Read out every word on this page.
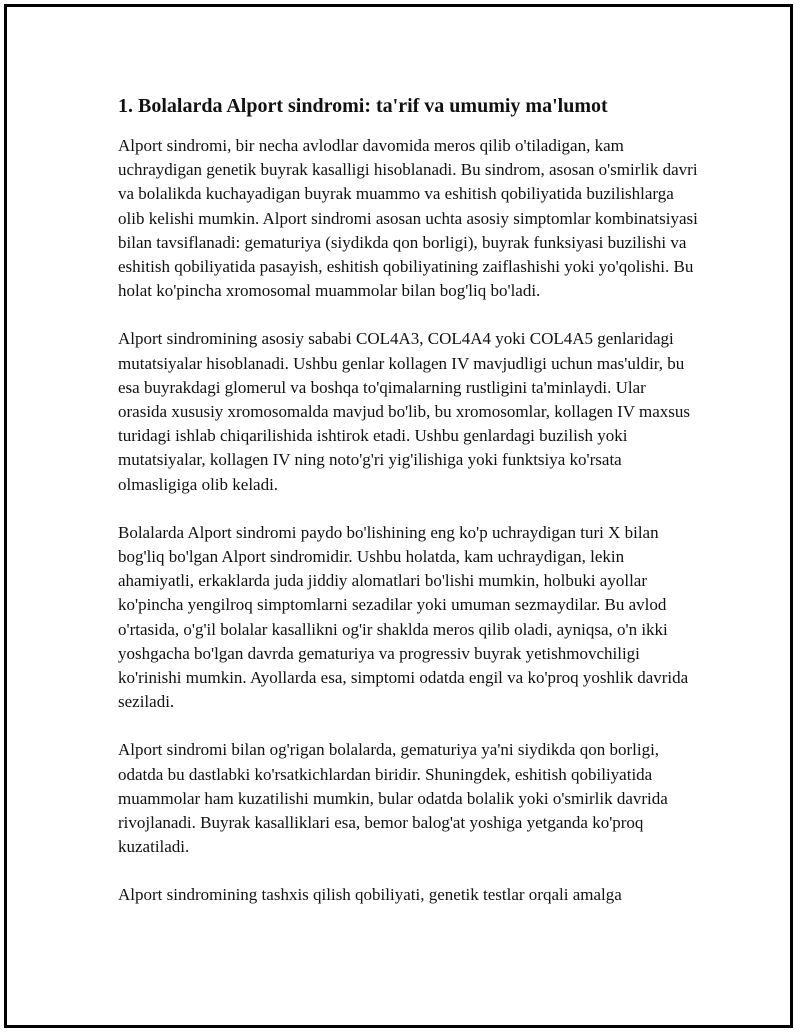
1. Bolalarda Alport sindromi: ta'rif va umumiy ma'lumot

Alport sindromi, bir necha avlodlar davomida meros qilib o'tiladigan, kam uchraydigan genetik buyrak kasalligi hisoblanadi. Bu sindrom, asosan o'smirlik davri va bolalikda kuchayadigan buyrak muammo va eshitish qobiliyatida buzilishlarga olib kelishi mumkin. Alport sindromi asosan uchta asosiy simptomlar kombinatsiyasi bilan tavsiflanadi: gematuriya (siydikda qon borligi), buyrak funksiyasi buzilishi va eshitish qobiliyatida pasayish, eshitish qobiliyatining zaiflashishi yoki yo'qolishi. Bu holat ko'pincha xromosomal muammolar bilan bog'liq bo'ladi.

Alport sindromining asosiy sababi COL4A3, COL4A4 yoki COL4A5 genlaridagi mutatsiyalar hisoblanadi. Ushbu genlar kollagen IV mavjudligi uchun mas'uldir, bu esa buyrakdagi glomerul va boshqa to'qimalarning rustligini ta'minlaydi. Ular orasida xususiy xromosomalda mavjud bo'lib, bu xromosomlar, kollagen IV maxsus turidagi ishlab chiqarilishida ishtirok etadi. Ushbu genlardagi buzilish yoki mutatsiyalar, kollagen IV ning noto'g'ri yig'ilishiga yoki funktsiya ko'rsata olmasligiga olib keladi.

Bolalarda Alport sindromi paydo bo'lishining eng ko'p uchraydigan turi X bilan bog'liq bo'lgan Alport sindromidir. Ushbu holatda, kam uchraydigan, lekin ahamiyatli, erkaklarda juda jiddiy alomatlari bo'lishi mumkin, holbuki ayollar ko'pincha yengilroq simptomlarni sezadilar yoki umuman sezmaydilar. Bu avlod o'rtasida, o'g'il bolalar kasallikni og'ir shaklda meros qilib oladi, ayniqsa, o'n ikki yoshgacha bo'lgan davrda gematuriya va progressiv buyrak yetishmovchiligi ko'rinishi mumkin. Ayollarda esa, simptomi odatda engil va ko'proq yoshlik davrida seziladi.

Alport sindromi bilan og'rigan bolalarda, gematuriya ya'ni siydikda qon borligi, odatda bu dastlabki ko'rsatkichlardan biridir. Shuningdek, eshitish qobiliyatida muammolar ham kuzatilishi mumkin, bular odatda bolalik yoki o'smirlik davrida rivojlanadi. Buyrak kasalliklari esa, bemor balog'at yoshiga yetganda ko'proq kuzatiladi.

Alport sindromining tashxis qilish qobiliyati, genetik testlar orqali amalga
